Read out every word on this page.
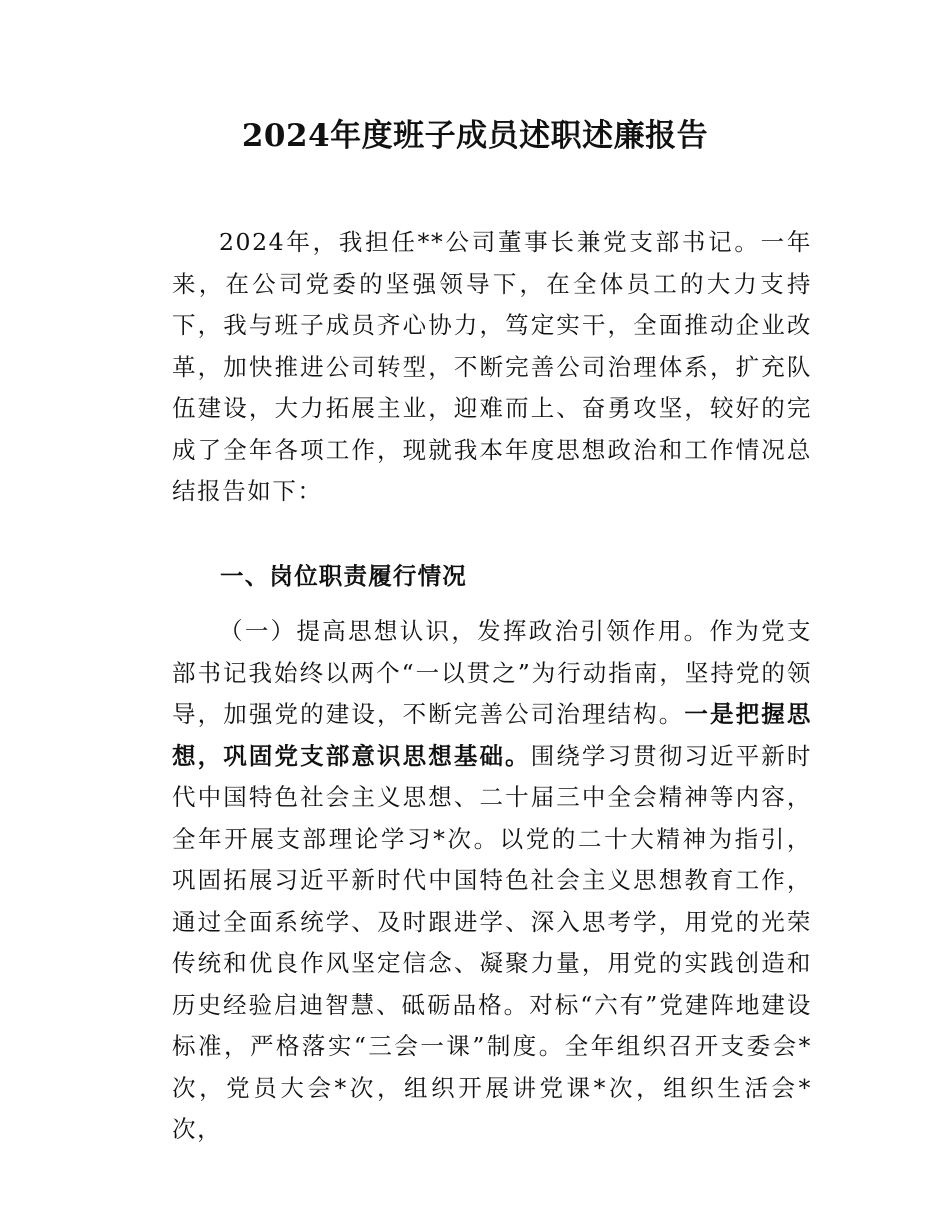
2024年度班子成员述职述廉报告

2024年，我担任**公司董事长兼党支部书记。一年来，在公司党委的坚强领导下，在全体员工的大力支持下，我与班子成员齐心协力，笃定实干，全面推动企业改革，加快推进公司转型，不断完善公司治理体系，扩充队伍建设，大力拓展主业，迎难而上、奋勇攻坚，较好的完成了全年各项工作，现就我本年度思想政治和工作情况总结报告如下：

一、岗位职责履行情况

（一）提高思想认识，发挥政治引领作用。作为党支部书记我始终以两个“一以贯之”为行动指南，坚持党的领导，加强党的建设，不断完善公司治理结构。一是把握思想，巩固党支部意识思想基础。围绕学习贯彻习近平新时代中国特色社会主义思想、二十届三中全会精神等内容，全年开展支部理论学习*次。以党的二十大精神为指引，巩固拓展习近平新时代中国特色社会主义思想教育工作，通过全面系统学、及时跟进学、深入思考学，用党的光荣传统和优良作风坚定信念、凝聚力量，用党的实践创造和历史经验启迪智慧、砥砺品格。对标“六有”党建阵地建设标准，严格落实“三会一课”制度。全年组织召开支委会*次，党员大会*次，组织开展讲党课*次，组织生活会*次，
